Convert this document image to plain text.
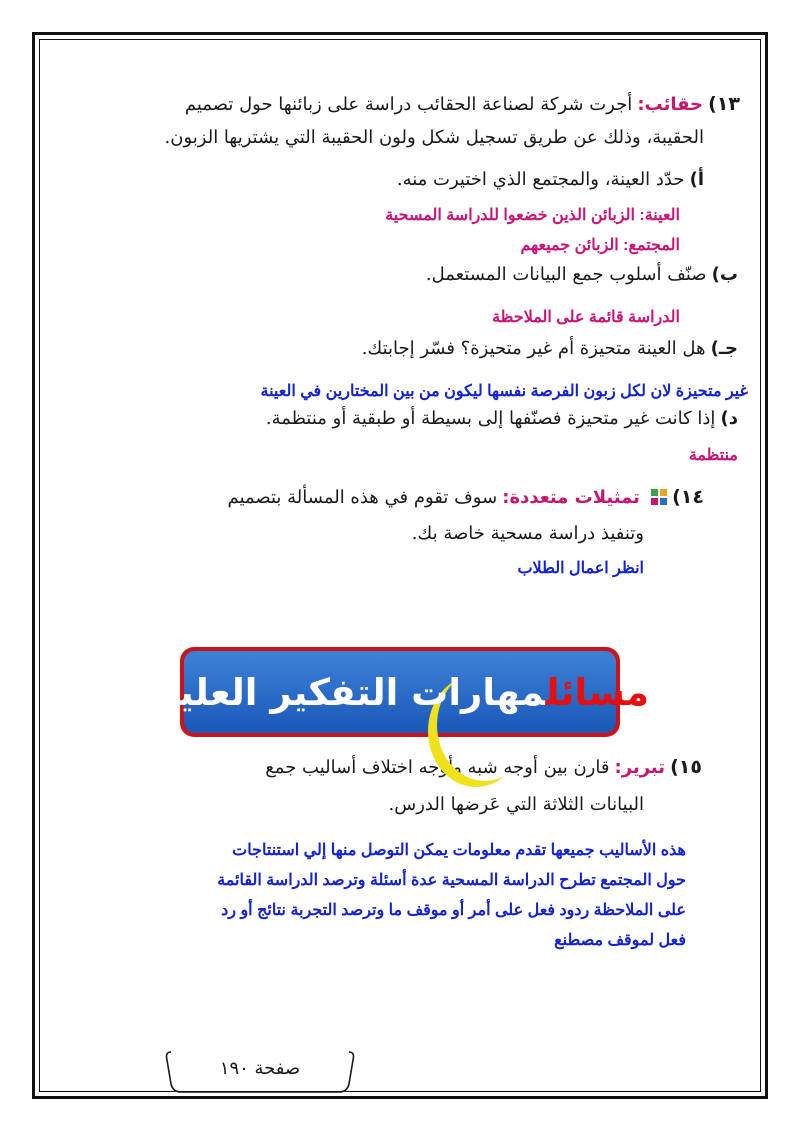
١٣) حقائب: أجرت شركة لصناعة الحقائب دراسة على زبائنها حول تصميم
الحقيبة، وذلك عن طريق تسجيل شكل ولون الحقيبة التي يشتريها الزبون.
أ) حدّد العينة، والمجتمع الذي اختيرت منه.
العينة: الزبائن الذين خضعوا للدراسة المسحية
المجتمع: الزبائن جميعهم
ب) صنّف أسلوب جمع البيانات المستعمل.
الدراسة قائمة على الملاحظة
جـ) هل العينة متحيزة أم غير متحيزة؟ فسّر إجابتك.
غير متحيزة لان لكل زبون الفرصة نفسها ليكون من بين المختارين في العينة
د) إذا كانت غير متحيزة فصنّفها إلى بسيطة أو طبقية أو منتظمة.
منتظمة
١٤)
تمثيلات متعددة: سوف تقوم في هذه المسألة بتصميم
وتنفيذ دراسة مسحية خاصة بك.
انظر اعمال الطلاب
١٥) تبرير: قارن بين أوجه شبه وأوجه اختلاف أساليب جمع
البيانات الثلاثة التي عَرضها الدرس.
هذه الأساليب جميعها تقدم معلومات يمكن التوصل منها إلي استنتاجات
حول المجتمع تطرح الدراسة المسحية عدة أسئلة وترصد الدراسة القائمة
على الملاحظة ردود فعل على أمر أو موقف ما وترصد التجربة نتائج أو رد
فعل لموقف مصطنع
مسائلمهارات التفكير العليا:
صفحة ١٩٠
